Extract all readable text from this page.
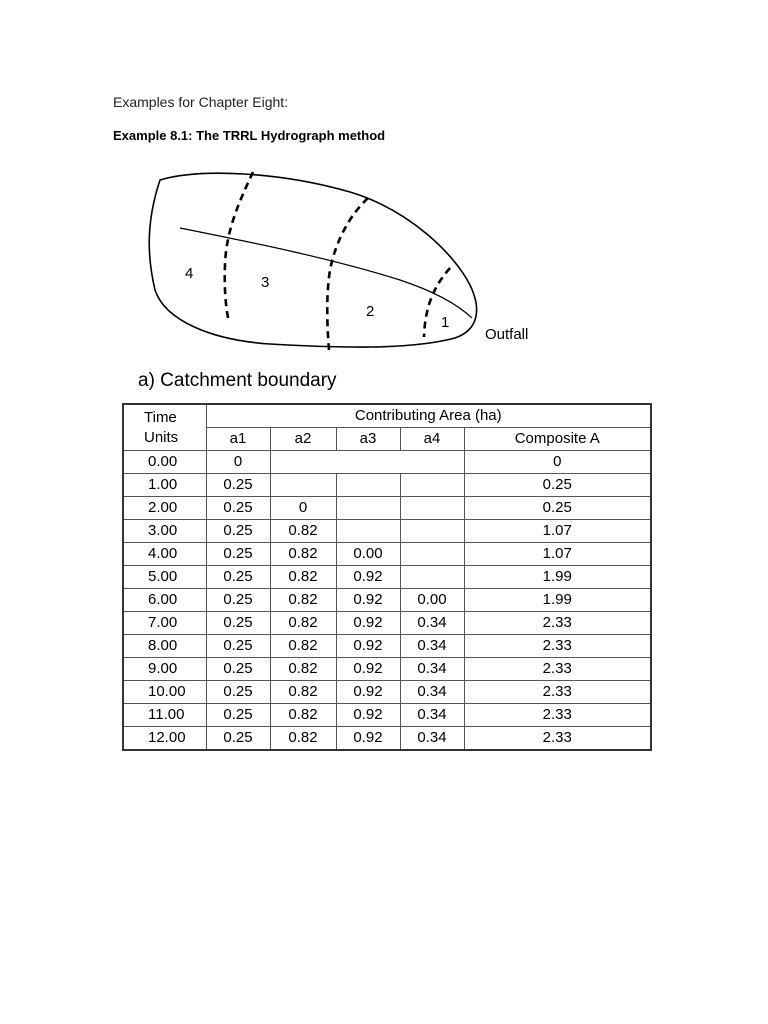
Examples for Chapter Eight:
Example 8.1: The TRRL Hydrograph method
4
3
2
1
Outfall
a) Catchment boundary
Time
Units	Contributing Area (ha)				
	a1	a2	a3	a4	Composite A
0.00	0				0
1.00	0.25				0.25
2.00	0.25	0			0.25
3.00	0.25	0.82			1.07
4.00	0.25	0.82	0.00		1.07
5.00	0.25	0.82	0.92		1.99
6.00	0.25	0.82	0.92	0.00	1.99
7.00	0.25	0.82	0.92	0.34	2.33
8.00	0.25	0.82	0.92	0.34	2.33
9.00	0.25	0.82	0.92	0.34	2.33
10.00	0.25	0.82	0.92	0.34	2.33
11.00	0.25	0.82	0.92	0.34	2.33
12.00	0.25	0.82	0.92	0.34	2.33
